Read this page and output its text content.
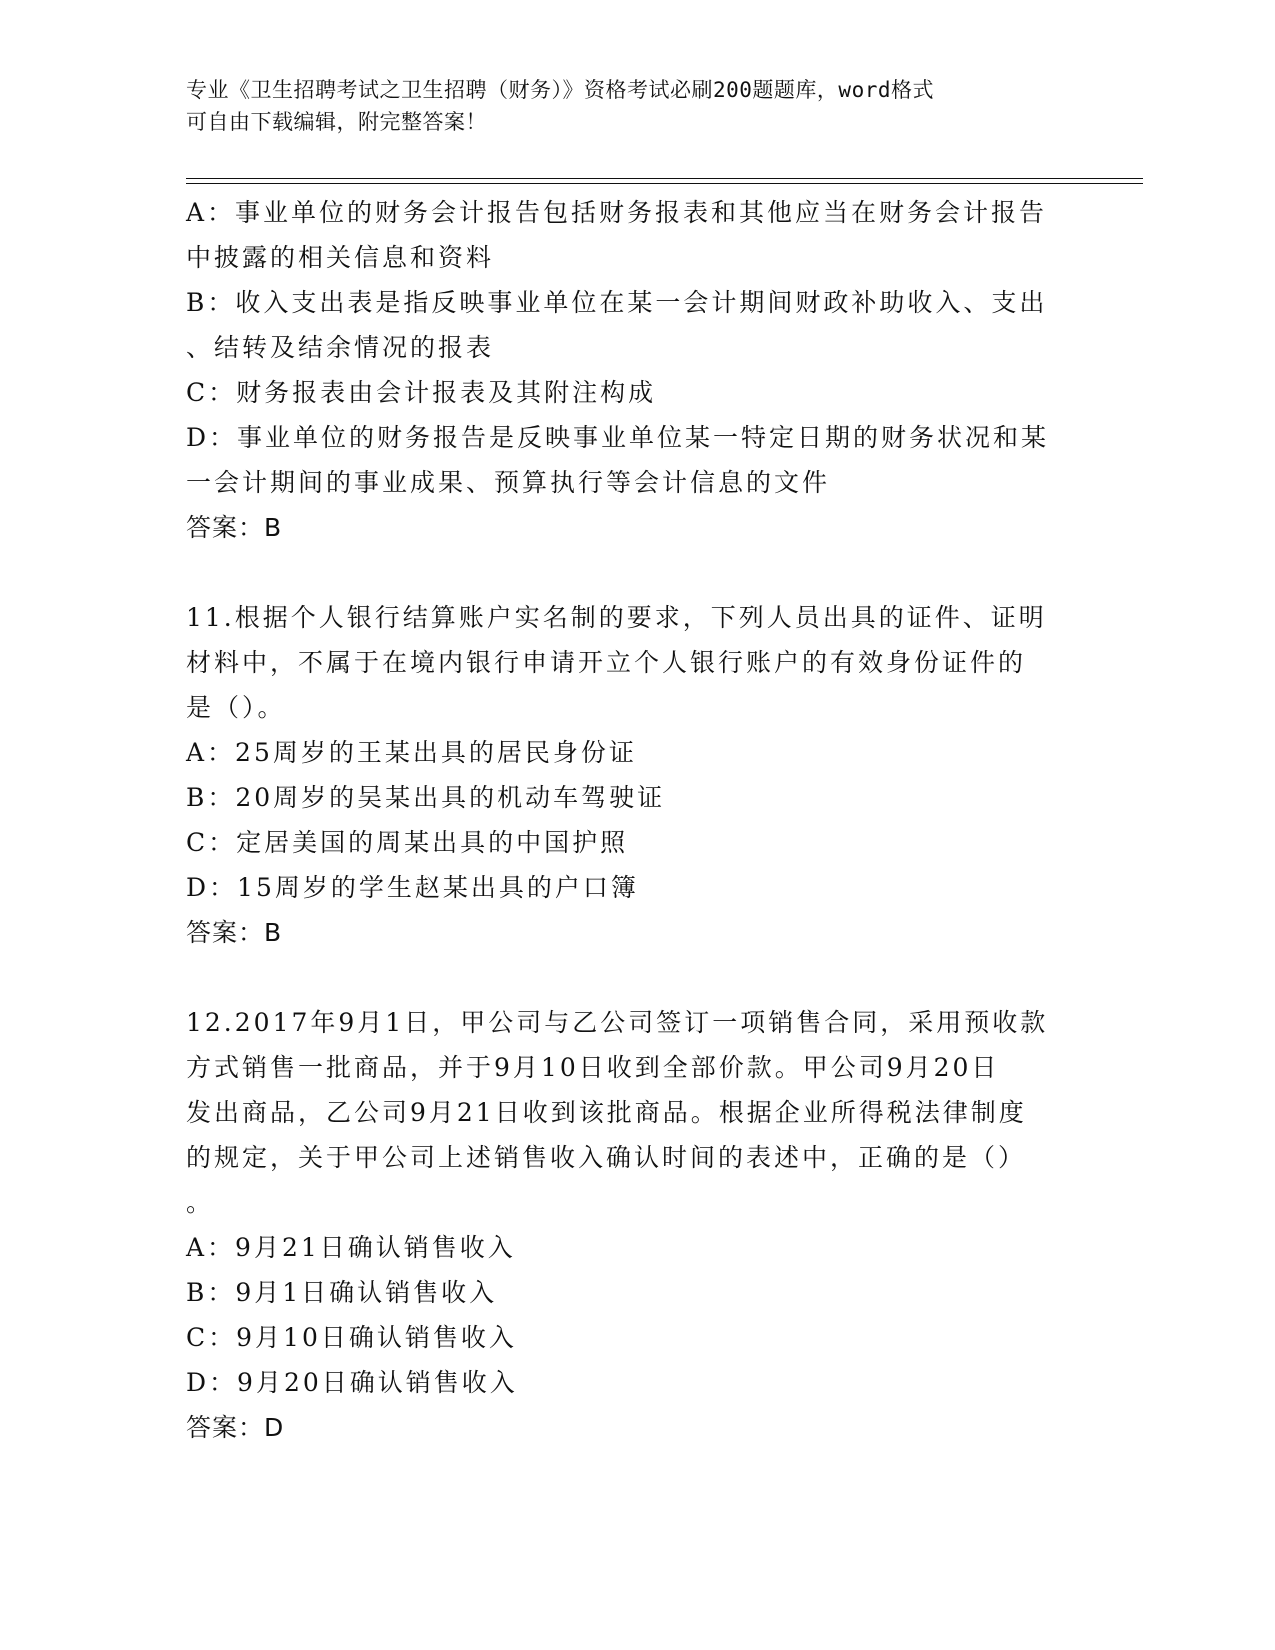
专业《卫生招聘考试之卫生招聘（财务）》资格考试必刷200题题库，word格式
可自由下载编辑，附完整答案！
A：事业单位的财务会计报告包括财务报表和其他应当在财务会计报告
中披露的相关信息和资料
B：收入支出表是指反映事业单位在某一会计期间财政补助收入、支出
、结转及结余情况的报表
C：财务报表由会计报表及其附注构成
D：事业单位的财务报告是反映事业单位某一特定日期的财务状况和某
一会计期间的事业成果、预算执行等会计信息的文件
答案：B
11.根据个人银行结算账户实名制的要求，下列人员出具的证件、证明
材料中，不属于在境内银行申请开立个人银行账户的有效身份证件的
是（）。
A：25周岁的王某出具的居民身份证
B：20周岁的吴某出具的机动车驾驶证
C：定居美国的周某出具的中国护照
D：15周岁的学生赵某出具的户口簿
答案：B
12.2017年9月1日，甲公司与乙公司签订一项销售合同，采用预收款
方式销售一批商品，并于9月10日收到全部价款。甲公司9月20日
发出商品，乙公司9月21日收到该批商品。根据企业所得税法律制度
的规定，关于甲公司上述销售收入确认时间的表述中，正确的是（）
。
A：9月21日确认销售收入
B：9月1日确认销售收入
C：9月10日确认销售收入
D：9月20日确认销售收入
答案：D
